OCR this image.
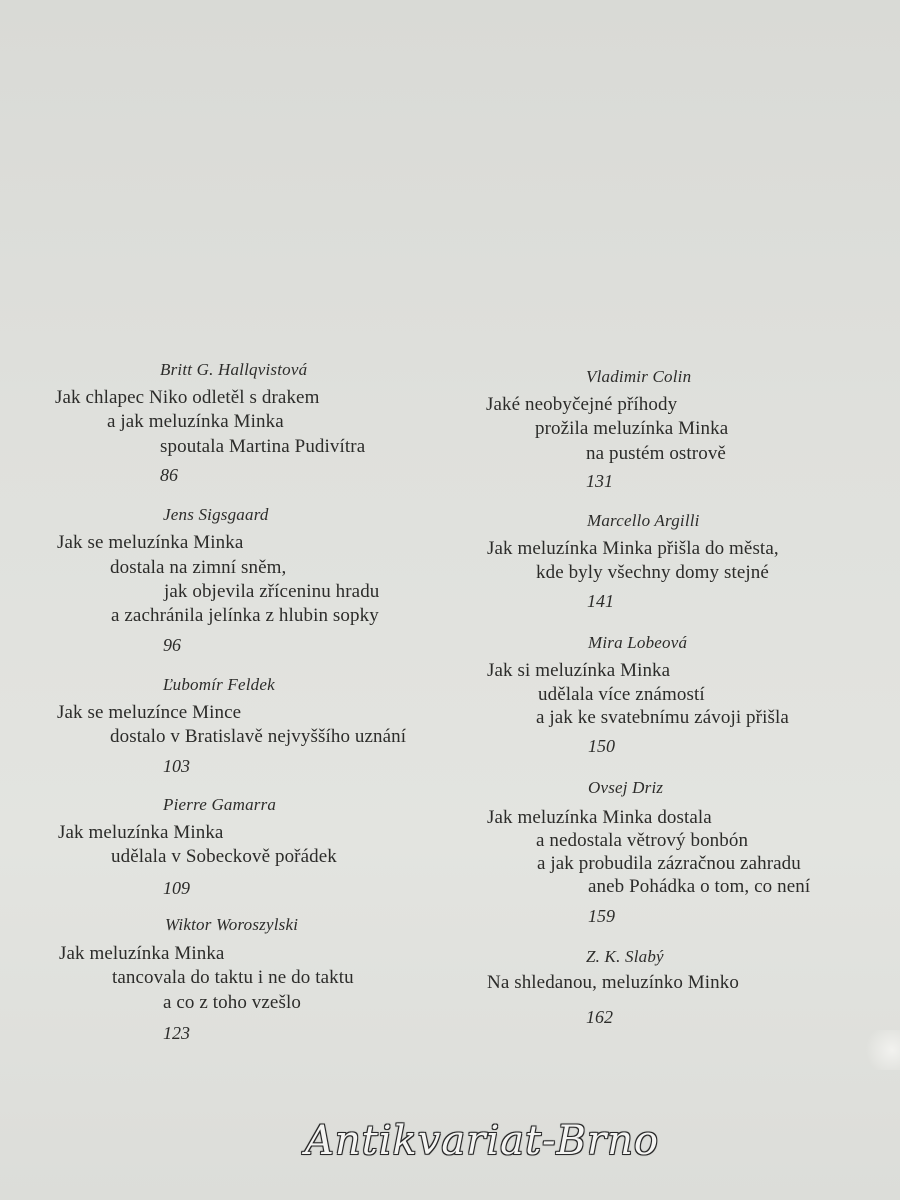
Britt G. Hallqvistová
Jak chlapec Niko odletěl s drakem
a jak meluzínka Minka
spoutala Martina Pudivítra
86
Jens Sigsgaard
Jak se meluzínka Minka
dostala na zimní sněm,
jak objevila zříceninu hradu
a zachránila jelínka z hlubin sopky
96
Ľubomír Feldek
Jak se meluzínce Mince
dostalo v Bratislavě nejvyššího uznání
103
Pierre Gamarra
Jak meluzínka Minka
udělala v Sobeckově pořádek
109
Wiktor Woroszylski
Jak meluzínka Minka
tancovala do taktu i ne do taktu
a co z toho vzešlo
123
Vladimir Colin
Jaké neobyčejné příhody
prožila meluzínka Minka
na pustém ostrově
131
Marcello Argilli
Jak meluzínka Minka přišla do města,
kde byly všechny domy stejné
141
Mira Lobeová
Jak si meluzínka Minka
udělala více známostí
a jak ke svatebnímu závoji přišla
150
Ovsej Driz
Jak meluzínka Minka dostala
a nedostala větrový bonbón
a jak probudila zázračnou zahradu
aneb Pohádka o tom, co není
159
Z. K. Slabý
Na shledanou, meluzínko Minko
162
Antikvariat-Brno
